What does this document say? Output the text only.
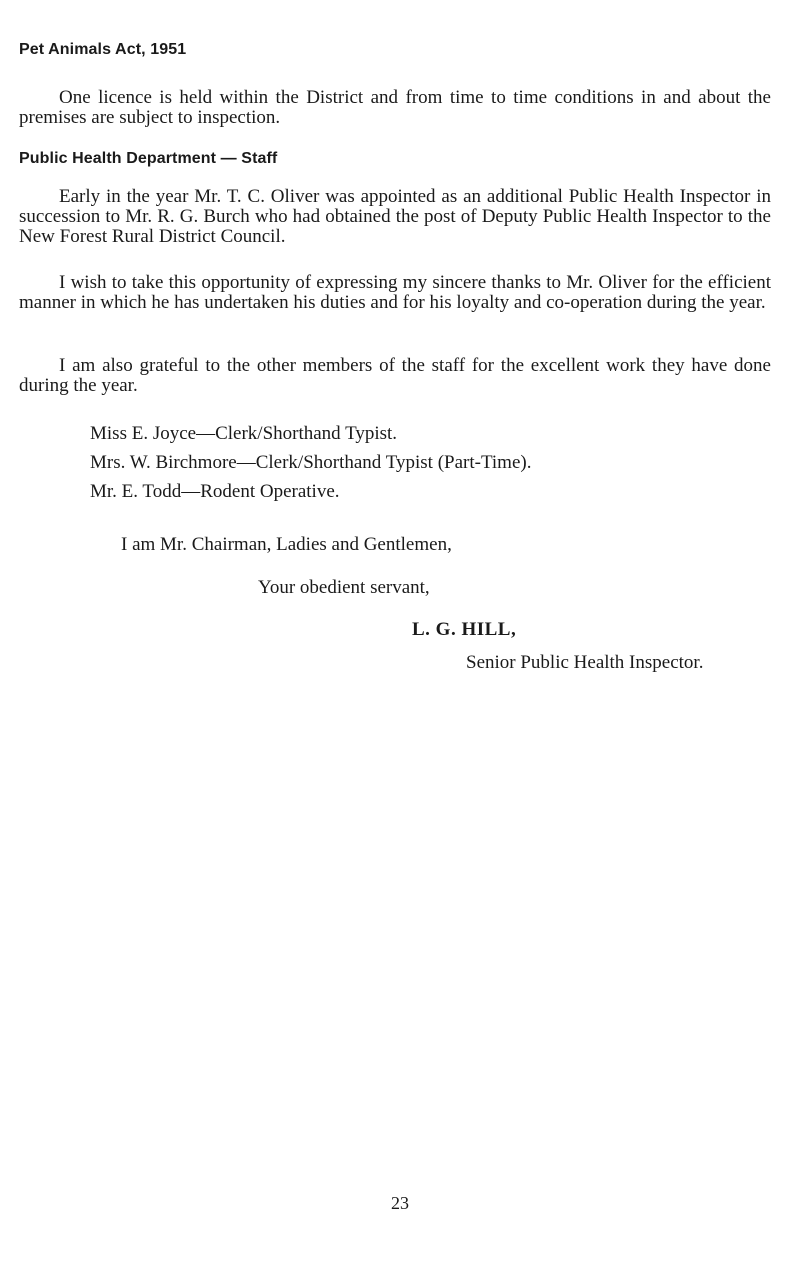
Pet Animals Act, 1951

One licence is held within the District and from time to time conditions in and about the premises are subject to inspection.

Public Health Department — Staff

Early in the year Mr. T. C. Oliver was appointed as an additional Public Health Inspector in succession to Mr. R. G. Burch who had obtained the post of Deputy Public Health Inspector to the New Forest Rural District Council.

I wish to take this opportunity of expressing my sincere thanks to Mr. Oliver for the efficient manner in which he has undertaken his duties and for his loyalty and co-operation during the year.

I am also grateful to the other members of the staff for the excellent work they have done during the year.

Miss E. Joyce—Clerk/Shorthand Typist.
Mrs. W. Birchmore—Clerk/Shorthand Typist (Part-Time).
Mr. E. Todd—Rodent Operative.

I am Mr. Chairman, Ladies and Gentlemen,

Your obedient servant,

L. G. HILL,

Senior Public Health Inspector.

23
